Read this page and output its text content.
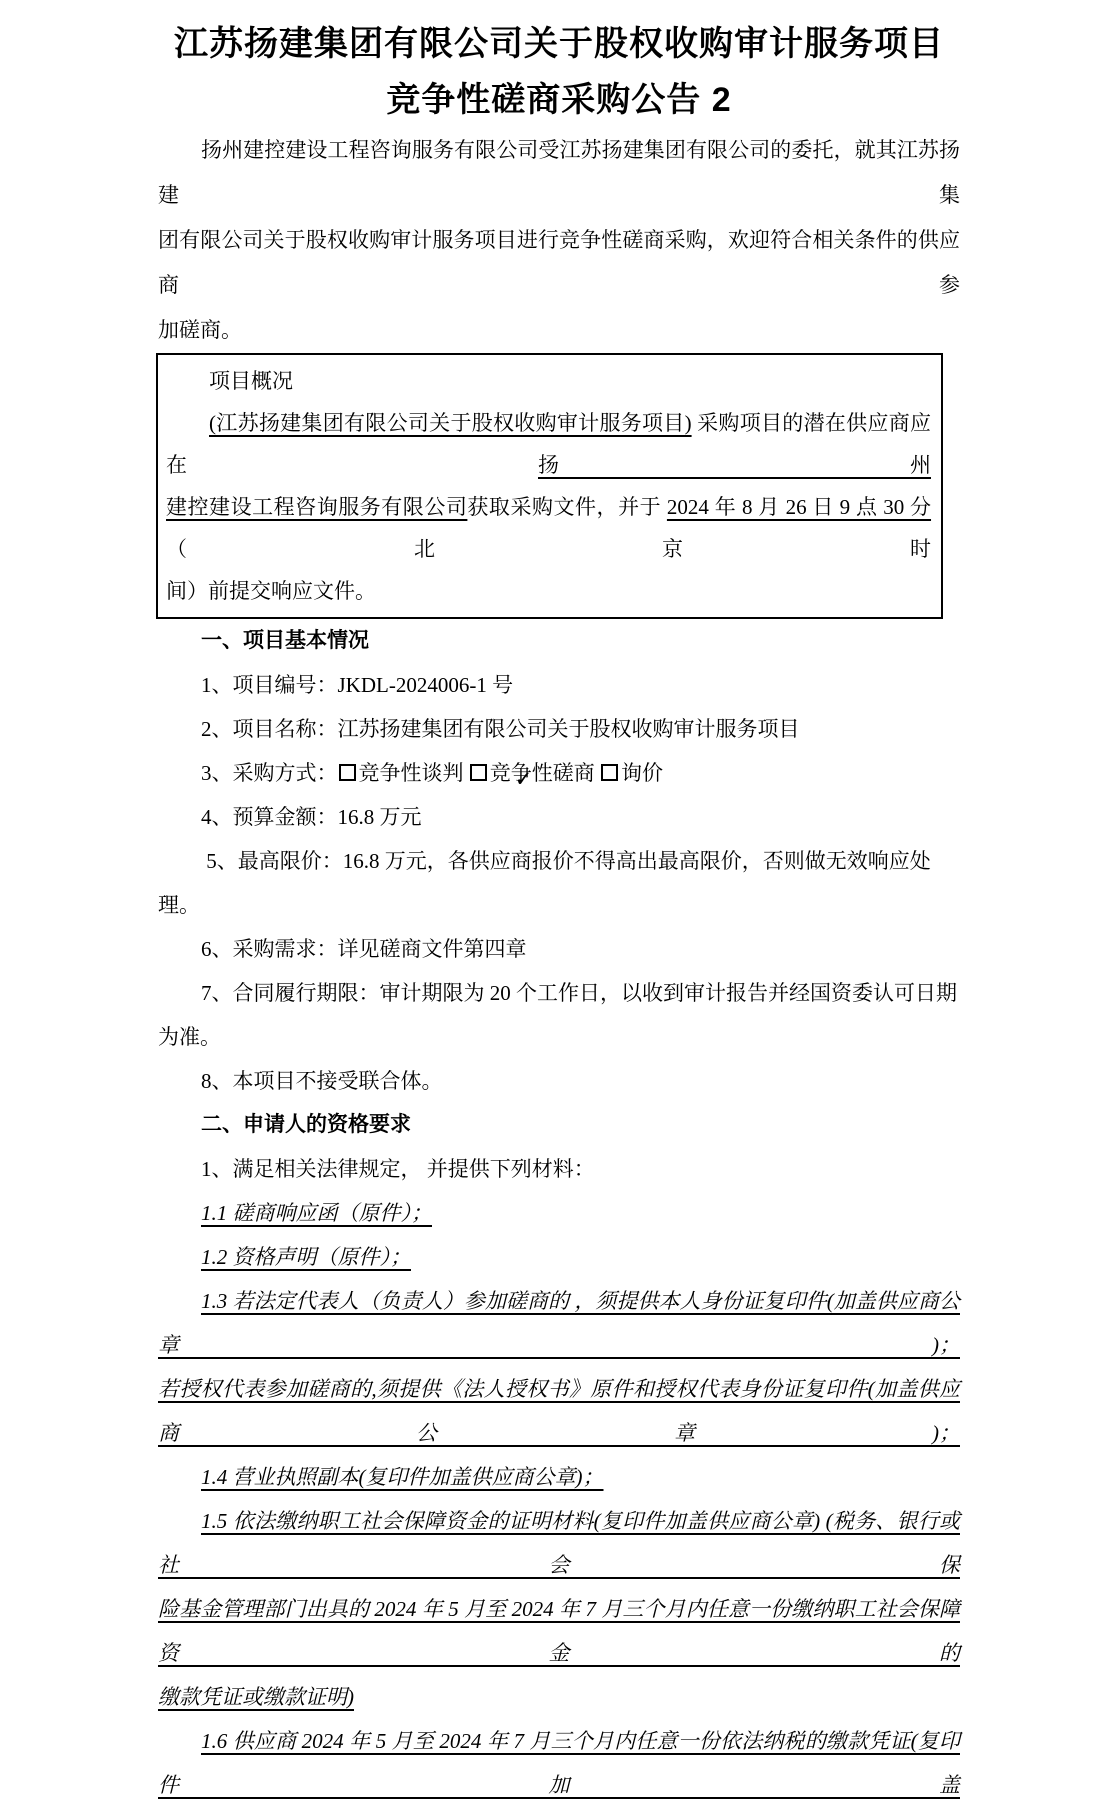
江苏扬建集团有限公司关于股权收购审计服务项目
竞争性磋商采购公告 2
扬州建控建设工程咨询服务有限公司受江苏扬建集团有限公司的委托，就其江苏扬建集
团有限公司关于股权收购审计服务项目进行竞争性磋商采购，欢迎符合相关条件的供应商参
加磋商。
项目概况
(江苏扬建集团有限公司关于股权收购审计服务项目) 采购项目的潜在供应商应在扬州
建控建设工程咨询服务有限公司获取采购文件，并于 2024 年 8 月 26 日 9 点 30 分（北京时
间）前提交响应文件。
一、项目基本情况
1、项目编号：JKDL-2024006-1 号
2、项目名称：江苏扬建集团有限公司关于股权收购审计服务项目
3、采购方式： 竞争性谈判  ✓竞争性磋商 询价
4、预算金额：16.8 万元
5、最高限价：16.8 万元，各供应商报价不得高出最高限价，否则做无效响应处理。
6、采购需求：详见磋商文件第四章
7、合同履行期限：审计期限为 20 个工作日，以收到审计报告并经国资委认可日期为准。
8、本项目不接受联合体。
二、申请人的资格要求
1、满足相关法律规定， 并提供下列材料：
1.1 磋商响应函（原件）；
1.2 资格声明（原件）；
1.3 若法定代表人（负责人）参加磋商的 ，须提供本人身份证复印件(加盖供应商公章)；
若授权代表参加磋商的,须提供《法人授权书》原件和授权代表身份证复印件(加盖供应商公章)；
1.4 营业执照副本(复印件加盖供应商公章)；
1.5 依法缴纳职工社会保障资金的证明材料(复印件加盖供应商公章) (税务、银行或社会保
险基金管理部门出具的 2024 年 5 月至 2024 年 7 月三个月内任意一份缴纳职工社会保障资金的
缴款凭证或缴款证明)
1.6 供应商 2024 年 5 月至 2024 年 7 月三个月内任意一份依法纳税的缴款凭证(复印件加盖
